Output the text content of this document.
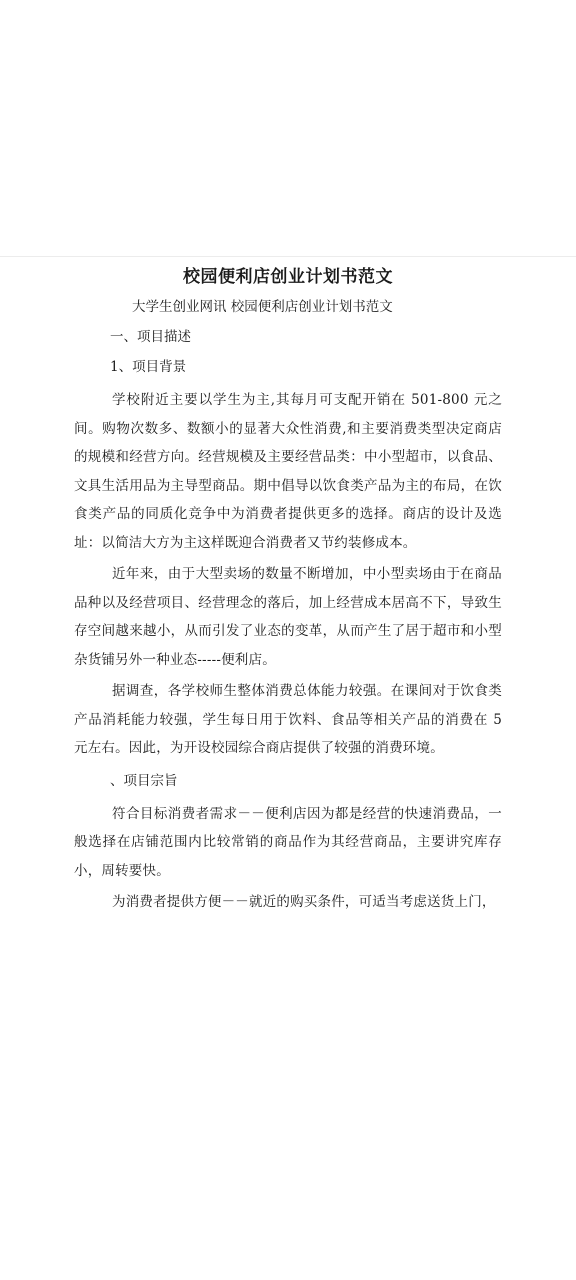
校园便利店创业计划书范文

大学生创业网讯 校园便利店创业计划书范文

一、项目描述

1、项目背景

学校附近主要以学生为主,其每月可支配开销在 501-800 元之间。购物次数多、数额小的显著大众性消费,和主要消费类型决定商店的规模和经营方向。经营规模及主要经营品类：中小型超市，以食品、文具生活用品为主导型商品。期中倡导以饮食类产品为主的布局，在饮食类产品的同质化竞争中为消费者提供更多的选择。商店的设计及选址：以简洁大方为主这样既迎合消费者又节约装修成本。

近年来，由于大型卖场的数量不断增加，中小型卖场由于在商品品种以及经营项目、经营理念的落后，加上经营成本居高不下，导致生存空间越来越小，从而引发了业态的变革，从而产生了居于超市和小型杂货铺另外一种业态-----便利店。

据调查，各学校师生整体消费总体能力较强。在课间对于饮食类产品消耗能力较强，学生每日用于饮料、食品等相关产品的消费在 5 元左右。因此，为开设校园综合商店提供了较强的消费环境。

、项目宗旨

符合目标消费者需求－－便利店因为都是经营的快速消费品，一般选择在店铺范围内比较常销的商品作为其经营商品，主要讲究库存小，周转要快。

为消费者提供方便－－就近的购买条件，可适当考虑送货上门，
